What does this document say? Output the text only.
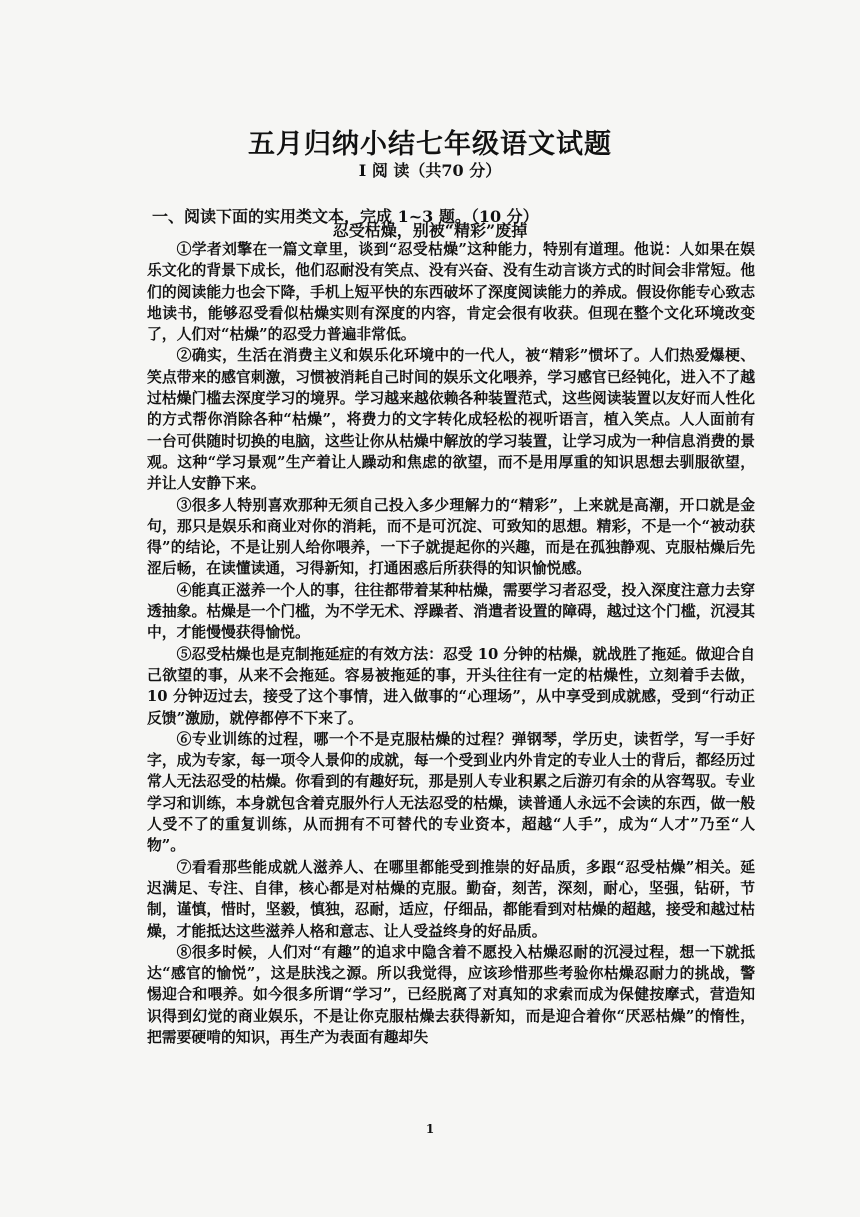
五月归纳小结七年级语文试题
I 阅 读（共70 分）
一、阅读下面的实用类文本，完成 1~3 题。（10 分）
忍受枯燥，别被“精彩”废掉

①学者刘擎在一篇文章里，谈到“忍受枯燥”这种能力，特别有道理。他说：人如果在娱乐文化的背景下成长，他们忍耐没有笑点、没有兴奋、没有生动言谈方式的时间会非常短。他们的阅读能力也会下降，手机上短平快的东西破坏了深度阅读能力的养成。假设你能专心致志地读书，能够忍受看似枯燥实则有深度的内容，肯定会很有收获。但现在整个文化环境改变了，人们对“枯燥”的忍受力普遍非常低。

②确实，生活在消费主义和娱乐化环境中的一代人，被“精彩”惯坏了。人们热爱爆梗、笑点带来的感官刺激，习惯被消耗自己时间的娱乐文化喂养，学习感官已经钝化，进入不了越过枯燥门槛去深度学习的境界。学习越来越依赖各种装置范式，这些阅读装置以友好而人性化的方式帮你消除各种“枯燥”，将费力的文字转化成轻松的视听语言，植入笑点。人人面前有一台可供随时切换的电脑，这些让你从枯燥中解放的学习装置，让学习成为一种信息消费的景观。这种“学习景观”生产着让人躁动和焦虑的欲望，而不是用厚重的知识思想去驯服欲望，并让人安静下来。

③很多人特别喜欢那种无须自己投入多少理解力的“精彩”，上来就是高潮，开口就是金句，那只是娱乐和商业对你的消耗，而不是可沉淀、可致知的思想。精彩，不是一个“被动获得”的结论，不是让别人给你喂养，一下子就提起你的兴趣，而是在孤独静观、克服枯燥后先涩后畅，在读懂读通，习得新知，打通困惑后所获得的知识愉悦感。

④能真正滋养一个人的事，往往都带着某种枯燥，需要学习者忍受，投入深度注意力去穿透抽象。枯燥是一个门槛，为不学无术、浮躁者、消遣者设置的障碍，越过这个门槛，沉浸其中，才能慢慢获得愉悦。

⑤忍受枯燥也是克制拖延症的有效方法：忍受 10 分钟的枯燥，就战胜了拖延。做迎合自己欲望的事，从来不会拖延。容易被拖延的事，开头往往有一定的枯燥性，立刻着手去做，10 分钟迈过去，接受了这个事情，进入做事的“心理场”，从中享受到成就感，受到“行动正反馈”激励，就停都停不下来了。

⑥专业训练的过程，哪一个不是克服枯燥的过程？弹钢琴，学历史，读哲学，写一手好字，成为专家，每一项令人景仰的成就，每一个受到业内外肯定的专业人士的背后，都经历过常人无法忍受的枯燥。你看到的有趣好玩，那是别人专业积累之后游刃有余的从容驾驭。专业学习和训练，本身就包含着克服外行人无法忍受的枯燥，读普通人永远不会读的东西，做一般人受不了的重复训练，从而拥有不可替代的专业资本，超越“人手”，成为“人才”乃至“人物”。

⑦看看那些能成就人滋养人、在哪里都能受到推崇的好品质，多跟“忍受枯燥”相关。延迟满足、专注、自律，核心都是对枯燥的克服。勤奋，刻苦，深刻，耐心，坚强，钻研，节制，谨慎，惜时，坚毅，慎独，忍耐，适应，仔细品，都能看到对枯燥的超越，接受和越过枯燥，才能抵达这些滋养人格和意志、让人受益终身的好品质。

⑧很多时候，人们对“有趣”的追求中隐含着不愿投入枯燥忍耐的沉浸过程，想一下就抵达“感官的愉悦”，这是肤浅之源。所以我觉得，应该珍惜那些考验你枯燥忍耐力的挑战，警惕迎合和喂养。如今很多所谓“学习”，已经脱离了对真知的求索而成为保健按摩式，营造知识得到幻觉的商业娱乐，不是让你克服枯燥去获得新知，而是迎合着你“厌恶枯燥”的惰性，把需要硬啃的知识，再生产为表面有趣却失

1
